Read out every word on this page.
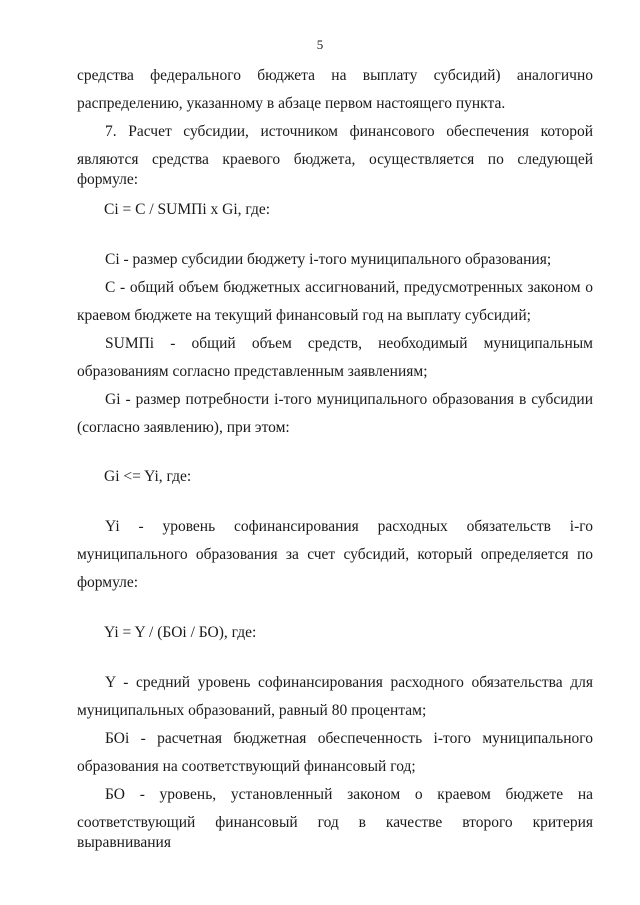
5
средства федерального бюджета на выплату субсидий) аналогично
распределению, указанному в абзаце первом настоящего пункта.
7. Расчет субсидии, источником финансового обеспечения которой
являются средства краевого бюджета, осуществляется по следующей формуле:
Ci = C / SUMПi x Gi, где:
Ci - размер субсидии бюджету i-того муниципального образования;
С - общий объем бюджетных ассигнований, предусмотренных законом о
краевом бюджете на текущий финансовый год на выплату субсидий;
SUMПi - общий объем средств, необходимый муниципальным
образованиям согласно представленным заявлениям;
Gi - размер потребности i-того муниципального образования в субсидии
(согласно заявлению), при этом:
Gi <= Yi, где:
Yi - уровень софинансирования расходных обязательств i-го
муниципального образования за счет субсидий, который определяется по
формуле:
Yi = Y / (БОi / БО), где:
Y - средний уровень софинансирования расходного обязательства для
муниципальных образований, равный 80 процентам;
БОi - расчетная бюджетная обеспеченность i-того муниципального
образования на соответствующий финансовый год;
БО - уровень, установленный законом о краевом бюджете на
соответствующий финансовый год в качестве второго критерия выравнивания
